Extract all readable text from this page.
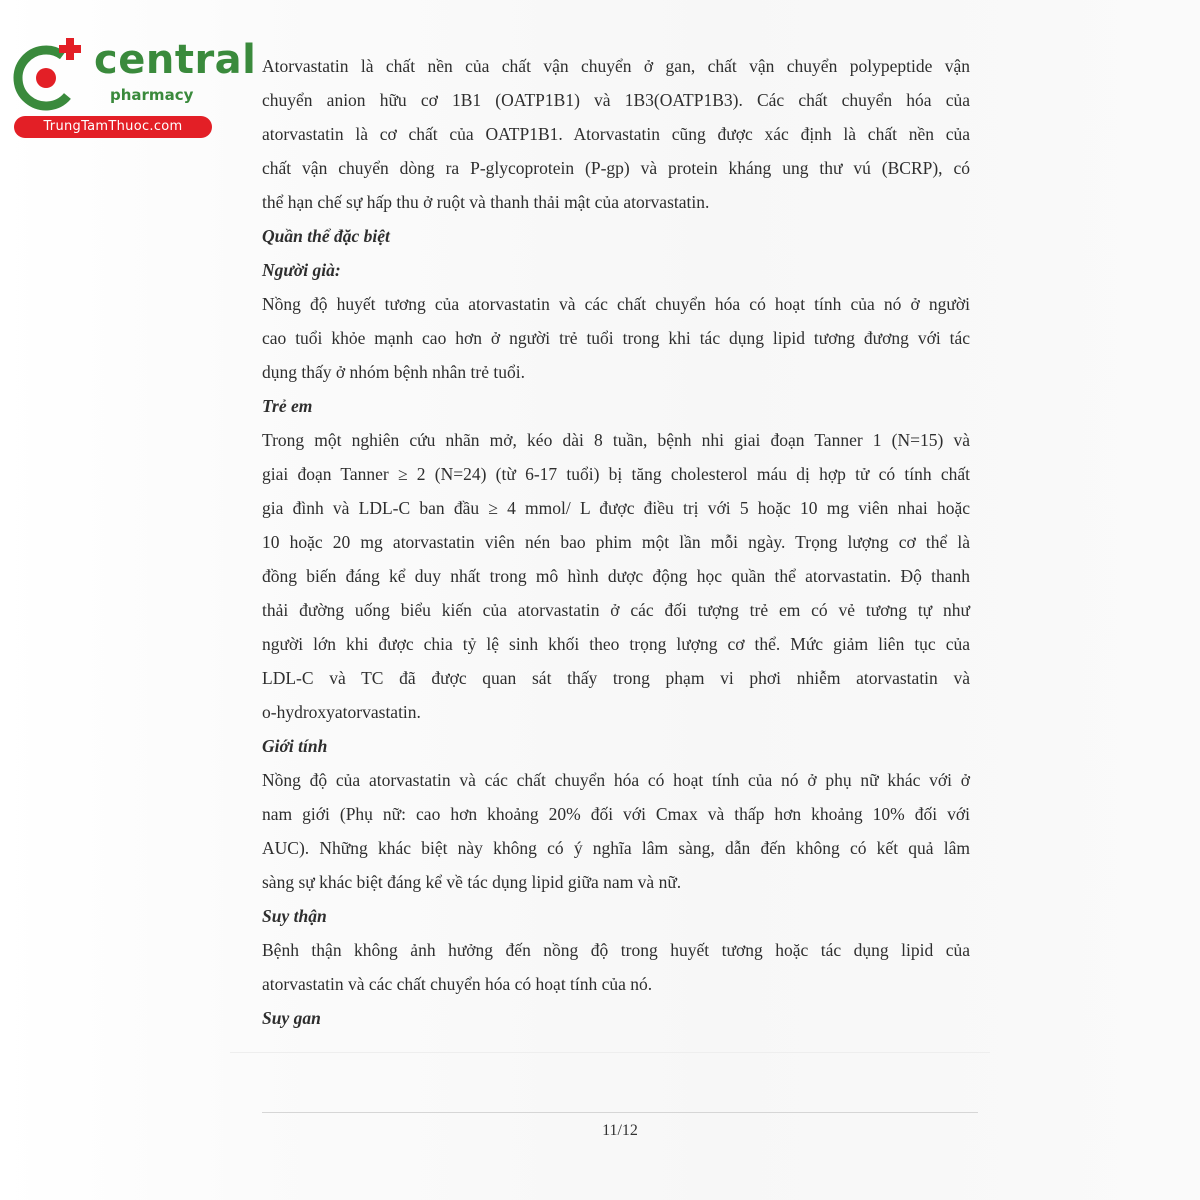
central
pharmacy
TrungTamThuoc.com
Atorvastatin là chất nền của chất vận chuyển ở gan, chất vận chuyển polypeptide vận
chuyển anion hữu cơ 1B1 (OATP1B1) và 1B3(OATP1B3). Các chất chuyển hóa của
atorvastatin là cơ chất của OATP1B1. Atorvastatin cũng được xác định là chất nền của
chất vận chuyển dòng ra P-glycoprotein (P-gp) và protein kháng ung thư vú (BCRP), có
thể hạn chế sự hấp thu ở ruột và thanh thải mật của atorvastatin.
Quần thể đặc biệt
Người già:
Nồng độ huyết tương của atorvastatin và các chất chuyển hóa có hoạt tính của nó ở người
cao tuổi khỏe mạnh cao hơn ở người trẻ tuổi trong khi tác dụng lipid tương đương với tác
dụng thấy ở nhóm bệnh nhân trẻ tuổi.
Trẻ em
Trong một nghiên cứu nhãn mở, kéo dài 8 tuần, bệnh nhi giai đoạn Tanner 1 (N=15) và
giai đoạn Tanner ≥ 2 (N=24) (từ 6-17 tuổi) bị tăng cholesterol máu dị hợp tử có tính chất
gia đình và LDL-C ban đầu ≥ 4 mmol/ L được điều trị với 5 hoặc 10 mg viên nhai hoặc
10 hoặc 20 mg atorvastatin viên nén bao phim một lần mỗi ngày. Trọng lượng cơ thể là
đồng biến đáng kể duy nhất trong mô hình dược động học quần thể atorvastatin. Độ thanh
thải đường uống biểu kiến của atorvastatin ở các đối tượng trẻ em có vẻ tương tự như
người lớn khi được chia tỷ lệ sinh khối theo trọng lượng cơ thể. Mức giảm liên tục của
LDL-C và TC đã được quan sát thấy trong phạm vi phơi nhiễm atorvastatin và
o-hydroxyatorvastatin.
Giới tính
Nồng độ của atorvastatin và các chất chuyển hóa có hoạt tính của nó ở phụ nữ khác với ở
nam giới (Phụ nữ: cao hơn khoảng 20% đối với Cmax và thấp hơn khoảng 10% đối với
AUC). Những khác biệt này không có ý nghĩa lâm sàng, dẫn đến không có kết quả lâm
sàng sự khác biệt đáng kể về tác dụng lipid giữa nam và nữ.
Suy thận
Bệnh thận không ảnh hưởng đến nồng độ trong huyết tương hoặc tác dụng lipid của
atorvastatin và các chất chuyển hóa có hoạt tính của nó.
Suy gan
11/12
